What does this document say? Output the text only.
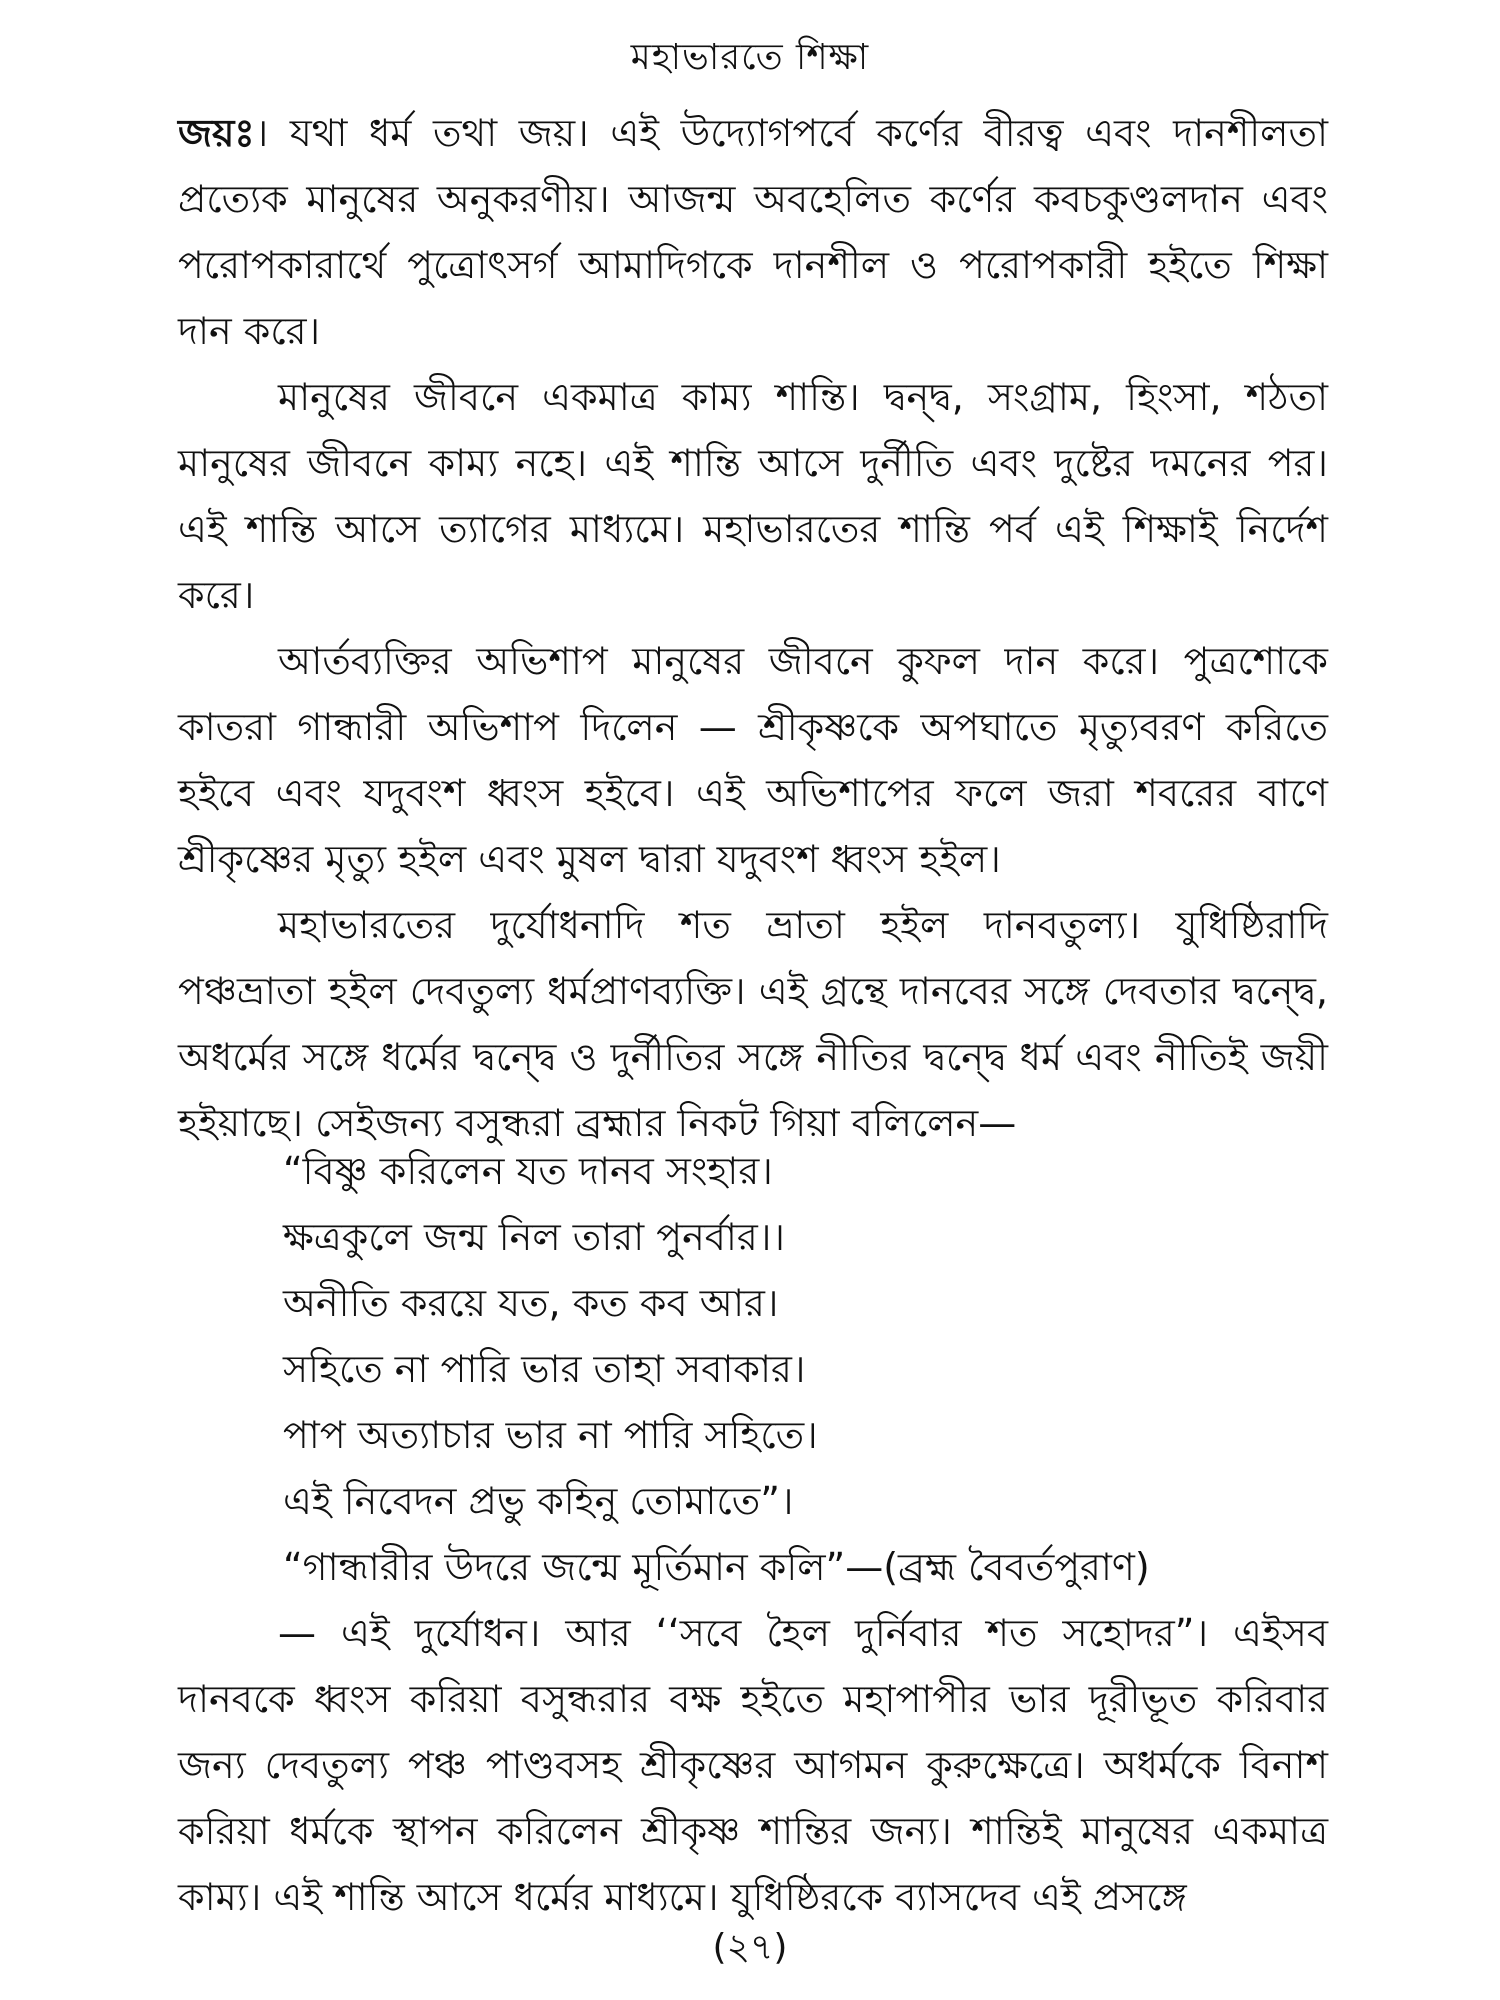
মহাভারতে শিক্ষা

জয়ঃ। যথা ধর্ম তথা জয়। এই উদ্যোগপর্বে কর্ণের বীরত্ব এবং দানশীলতা প্রত্যেক মানুষের অনুকরণীয়। আজন্ম অবহেলিত কর্ণের কবচকুণ্ডলদান এবং পরোপকারার্থে পুত্রোৎসর্গ আমাদিগকে দানশীল ও পরোপকারী হইতে শিক্ষা দান করে।

মানুষের জীবনে একমাত্র কাম্য শান্তি। দ্বন্দ্ব, সংগ্রাম, হিংসা, শঠতা মানুষের জীবনে কাম্য নহে। এই শান্তি আসে দুর্নীতি এবং দুষ্টের দমনের পর। এই শান্তি আসে ত্যাগের মাধ্যমে। মহাভারতের শান্তি পর্ব এই শিক্ষাই নির্দেশ করে।

আর্তব্যক্তির অভিশাপ মানুষের জীবনে কুফল দান করে। পুত্রশোকে কাতরা গান্ধারী অভিশাপ দিলেন — শ্রীকৃষ্ণকে অপঘাতে মৃত্যুবরণ করিতে হইবে এবং যদুবংশ ধ্বংস হইবে। এই অভিশাপের ফলে জরা শবরের বাণে শ্রীকৃষ্ণের মৃত্যু হইল এবং মুষল দ্বারা যদুবংশ ধ্বংস হইল।

মহাভারতের দুর্যোধনাদি শত ভ্রাতা হইল দানবতুল্য। যুধিষ্ঠিরাদি পঞ্চভ্রাতা হইল দেবতুল্য ধর্মপ্রাণব্যক্তি। এই গ্রন্থে দানবের সঙ্গে দেবতার দ্বন্দ্বে, অধর্মের সঙ্গে ধর্মের দ্বন্দ্বে ও দুর্নীতির সঙ্গে নীতির দ্বন্দ্বে ধর্ম এবং নীতিই জয়ী হইয়াছে। সেইজন্য বসুন্ধরা ব্রহ্মার নিকট গিয়া বলিলেন—

“বিষ্ণু করিলেন যত দানব সংহার।
ক্ষত্রকুলে জন্ম নিল তারা পুনর্বার।।
অনীতি করয়ে যত, কত কব আর।
সহিতে না পারি ভার তাহা সবাকার।
পাপ অত্যাচার ভার না পারি সহিতে।
এই নিবেদন প্রভু কহিনু তোমাতে”।
“গান্ধারীর উদরে জন্মে মূর্তিমান কলি”—(ব্রহ্ম বৈবর্তপুরাণ)

— এই দুর্যোধন। আর ‘‘সবে হৈল দুর্নিবার শত সহোদর”। এইসব দানবকে ধ্বংস করিয়া বসুন্ধরার বক্ষ হইতে মহাপাপীর ভার দূরীভূত করিবার জন্য দেবতুল্য পঞ্চ পাণ্ডবসহ শ্রীকৃষ্ণের আগমন কুরুক্ষেত্রে। অধর্মকে বিনাশ করিয়া ধর্মকে স্থাপন করিলেন শ্রীকৃষ্ণ শান্তির জন্য। শান্তিই মানুষের একমাত্র কাম্য। এই শান্তি আসে ধর্মের মাধ্যমে। যুধিষ্ঠিরকে ব্যাসদেব এই প্রসঙ্গে

(২৭)
